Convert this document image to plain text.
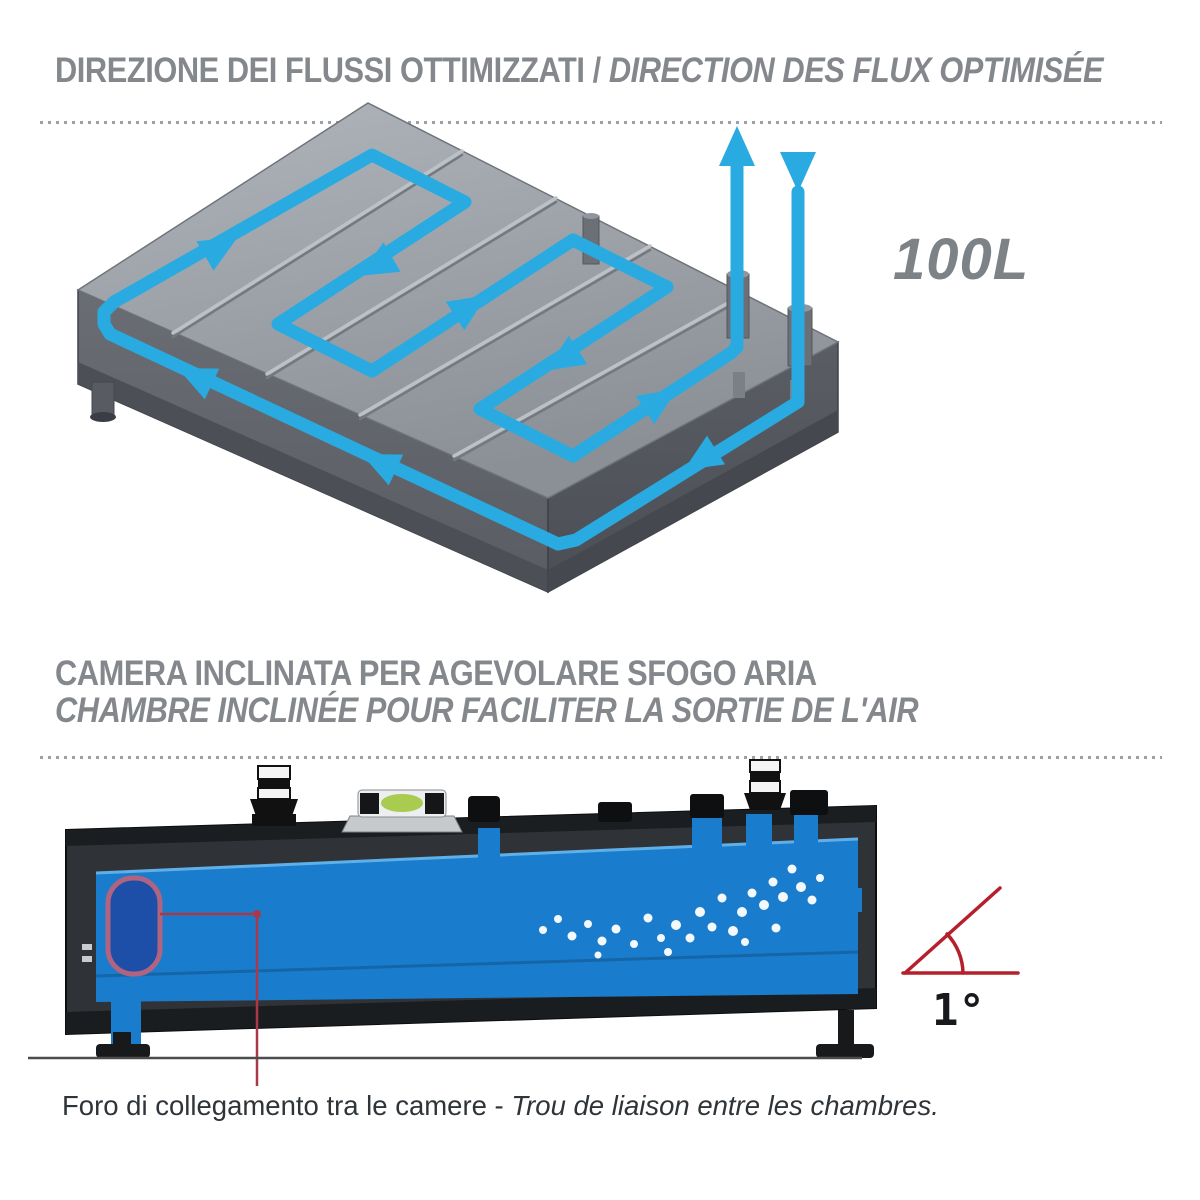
DIREZIONE DEI FLUSSI OTTIMIZZATI / DIRECTION DES FLUX OPTIMISÉE
100L
CAMERA INCLINATA PER AGEVOLARE SFOGO ARIA
CHAMBRE INCLINÉE POUR FACILITER LA SORTIE DE L'AIR
1°
Foro di collegamento tra le camere - Trou de liaison entre les chambres.
